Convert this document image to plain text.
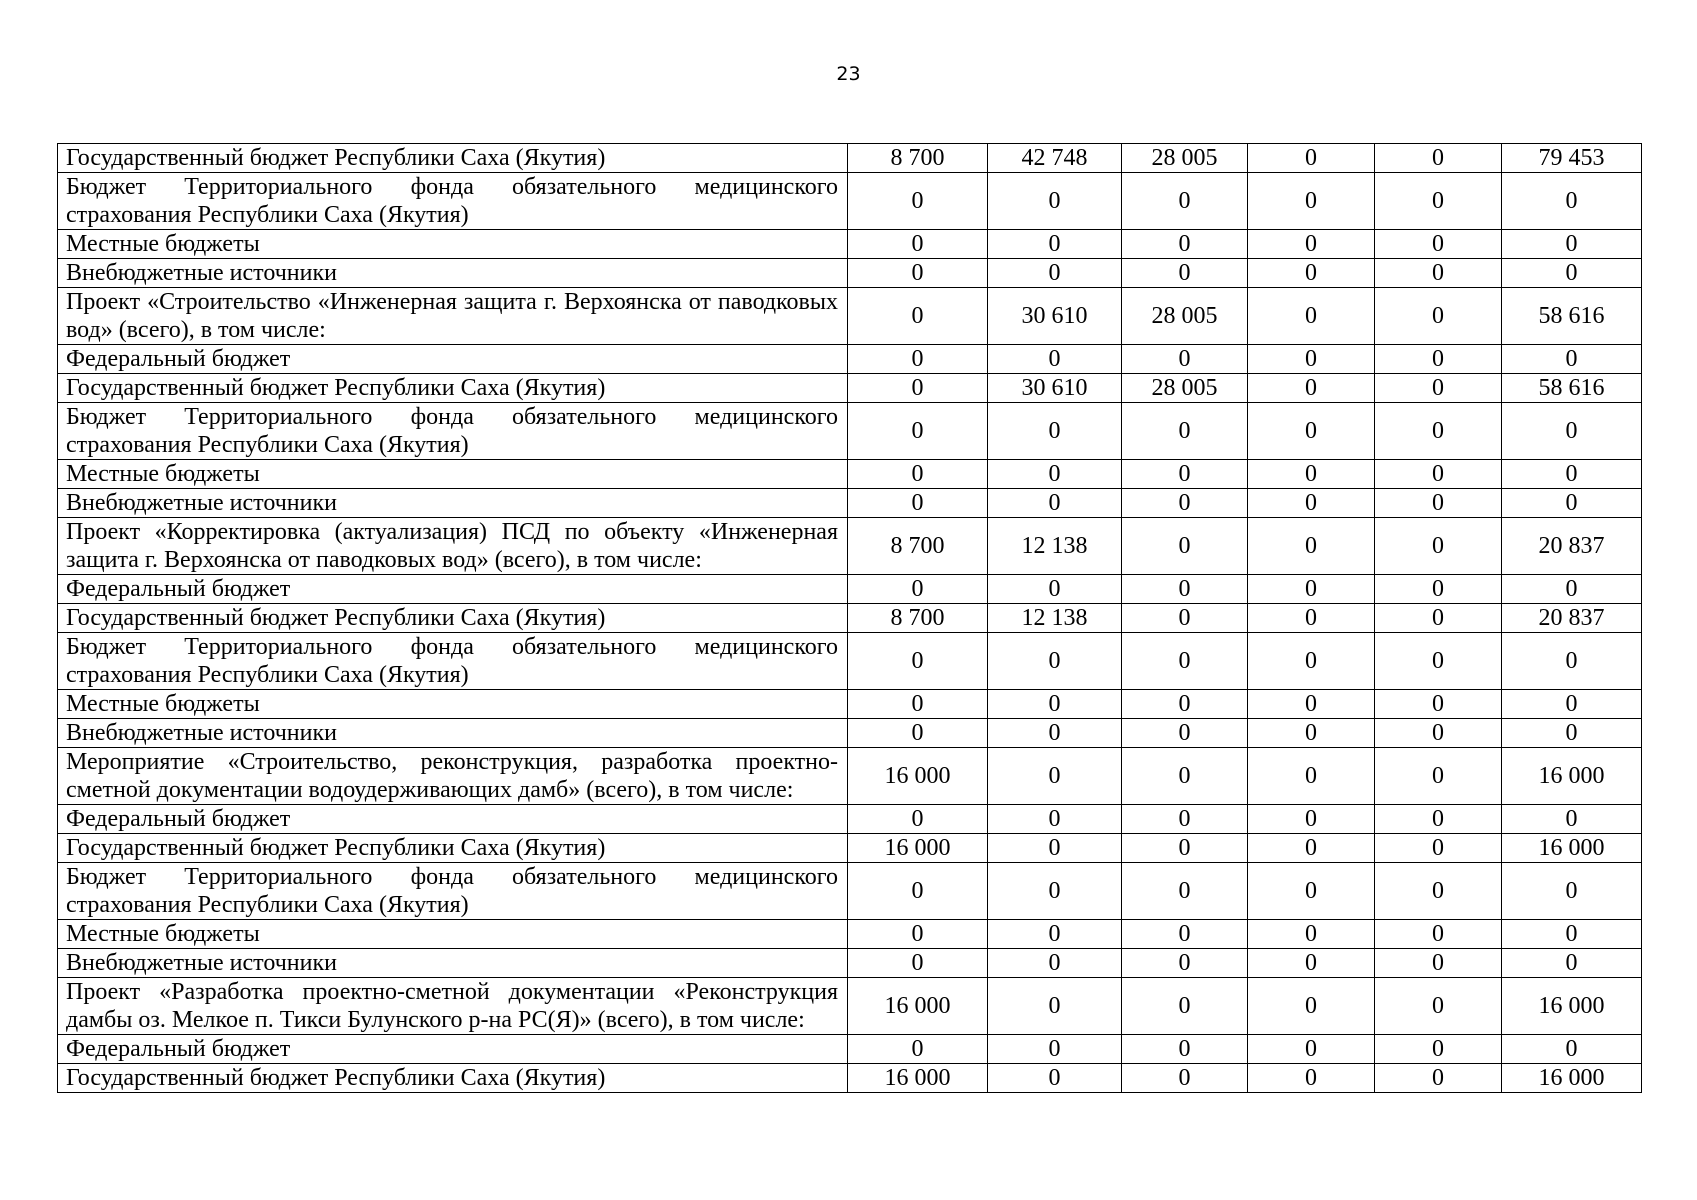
23
Государственный бюджет Республики Саха (Якутия)	8 700	42 748	28 005	0	0	79 453
Бюджет Территориального фонда обязательного медицинского страхования Республики Саха (Якутия)	0	0	0	0	0	0
Местные бюджеты	0	0	0	0	0	0
Внебюджетные источники	0	0	0	0	0	0
Проект «Строительство «Инженерная защита г. Верхоянска от паводковых вод» (всего), в том числе:	0	30 610	28 005	0	0	58 616
Федеральный бюджет	0	0	0	0	0	0
Государственный бюджет Республики Саха (Якутия)	0	30 610	28 005	0	0	58 616
Бюджет Территориального фонда обязательного медицинского страхования Республики Саха (Якутия)	0	0	0	0	0	0
Местные бюджеты	0	0	0	0	0	0
Внебюджетные источники	0	0	0	0	0	0
Проект «Корректировка (актуализация) ПСД по объекту «Инженерная защита г. Верхоянска от паводковых вод» (всего), в том числе:	8 700	12 138	0	0	0	20 837
Федеральный бюджет	0	0	0	0	0	0
Государственный бюджет Республики Саха (Якутия)	8 700	12 138	0	0	0	20 837
Бюджет Территориального фонда обязательного медицинского страхования Республики Саха (Якутия)	0	0	0	0	0	0
Местные бюджеты	0	0	0	0	0	0
Внебюджетные источники	0	0	0	0	0	0
Мероприятие «Строительство, реконструкция, разработка проектно-сметной документации водоудерживающих дамб» (всего), в том числе:	16 000	0	0	0	0	16 000
Федеральный бюджет	0	0	0	0	0	0
Государственный бюджет Республики Саха (Якутия)	16 000	0	0	0	0	16 000
Бюджет Территориального фонда обязательного медицинского страхования Республики Саха (Якутия)	0	0	0	0	0	0
Местные бюджеты	0	0	0	0	0	0
Внебюджетные источники	0	0	0	0	0	0
Проект «Разработка проектно-сметной документации «Реконструкция дамбы оз. Мелкое п. Тикси Булунского р-на РС(Я)» (всего), в том числе:	16 000	0	0	0	0	16 000
Федеральный бюджет	0	0	0	0	0	0
Государственный бюджет Республики Саха (Якутия)	16 000	0	0	0	0	16 000
